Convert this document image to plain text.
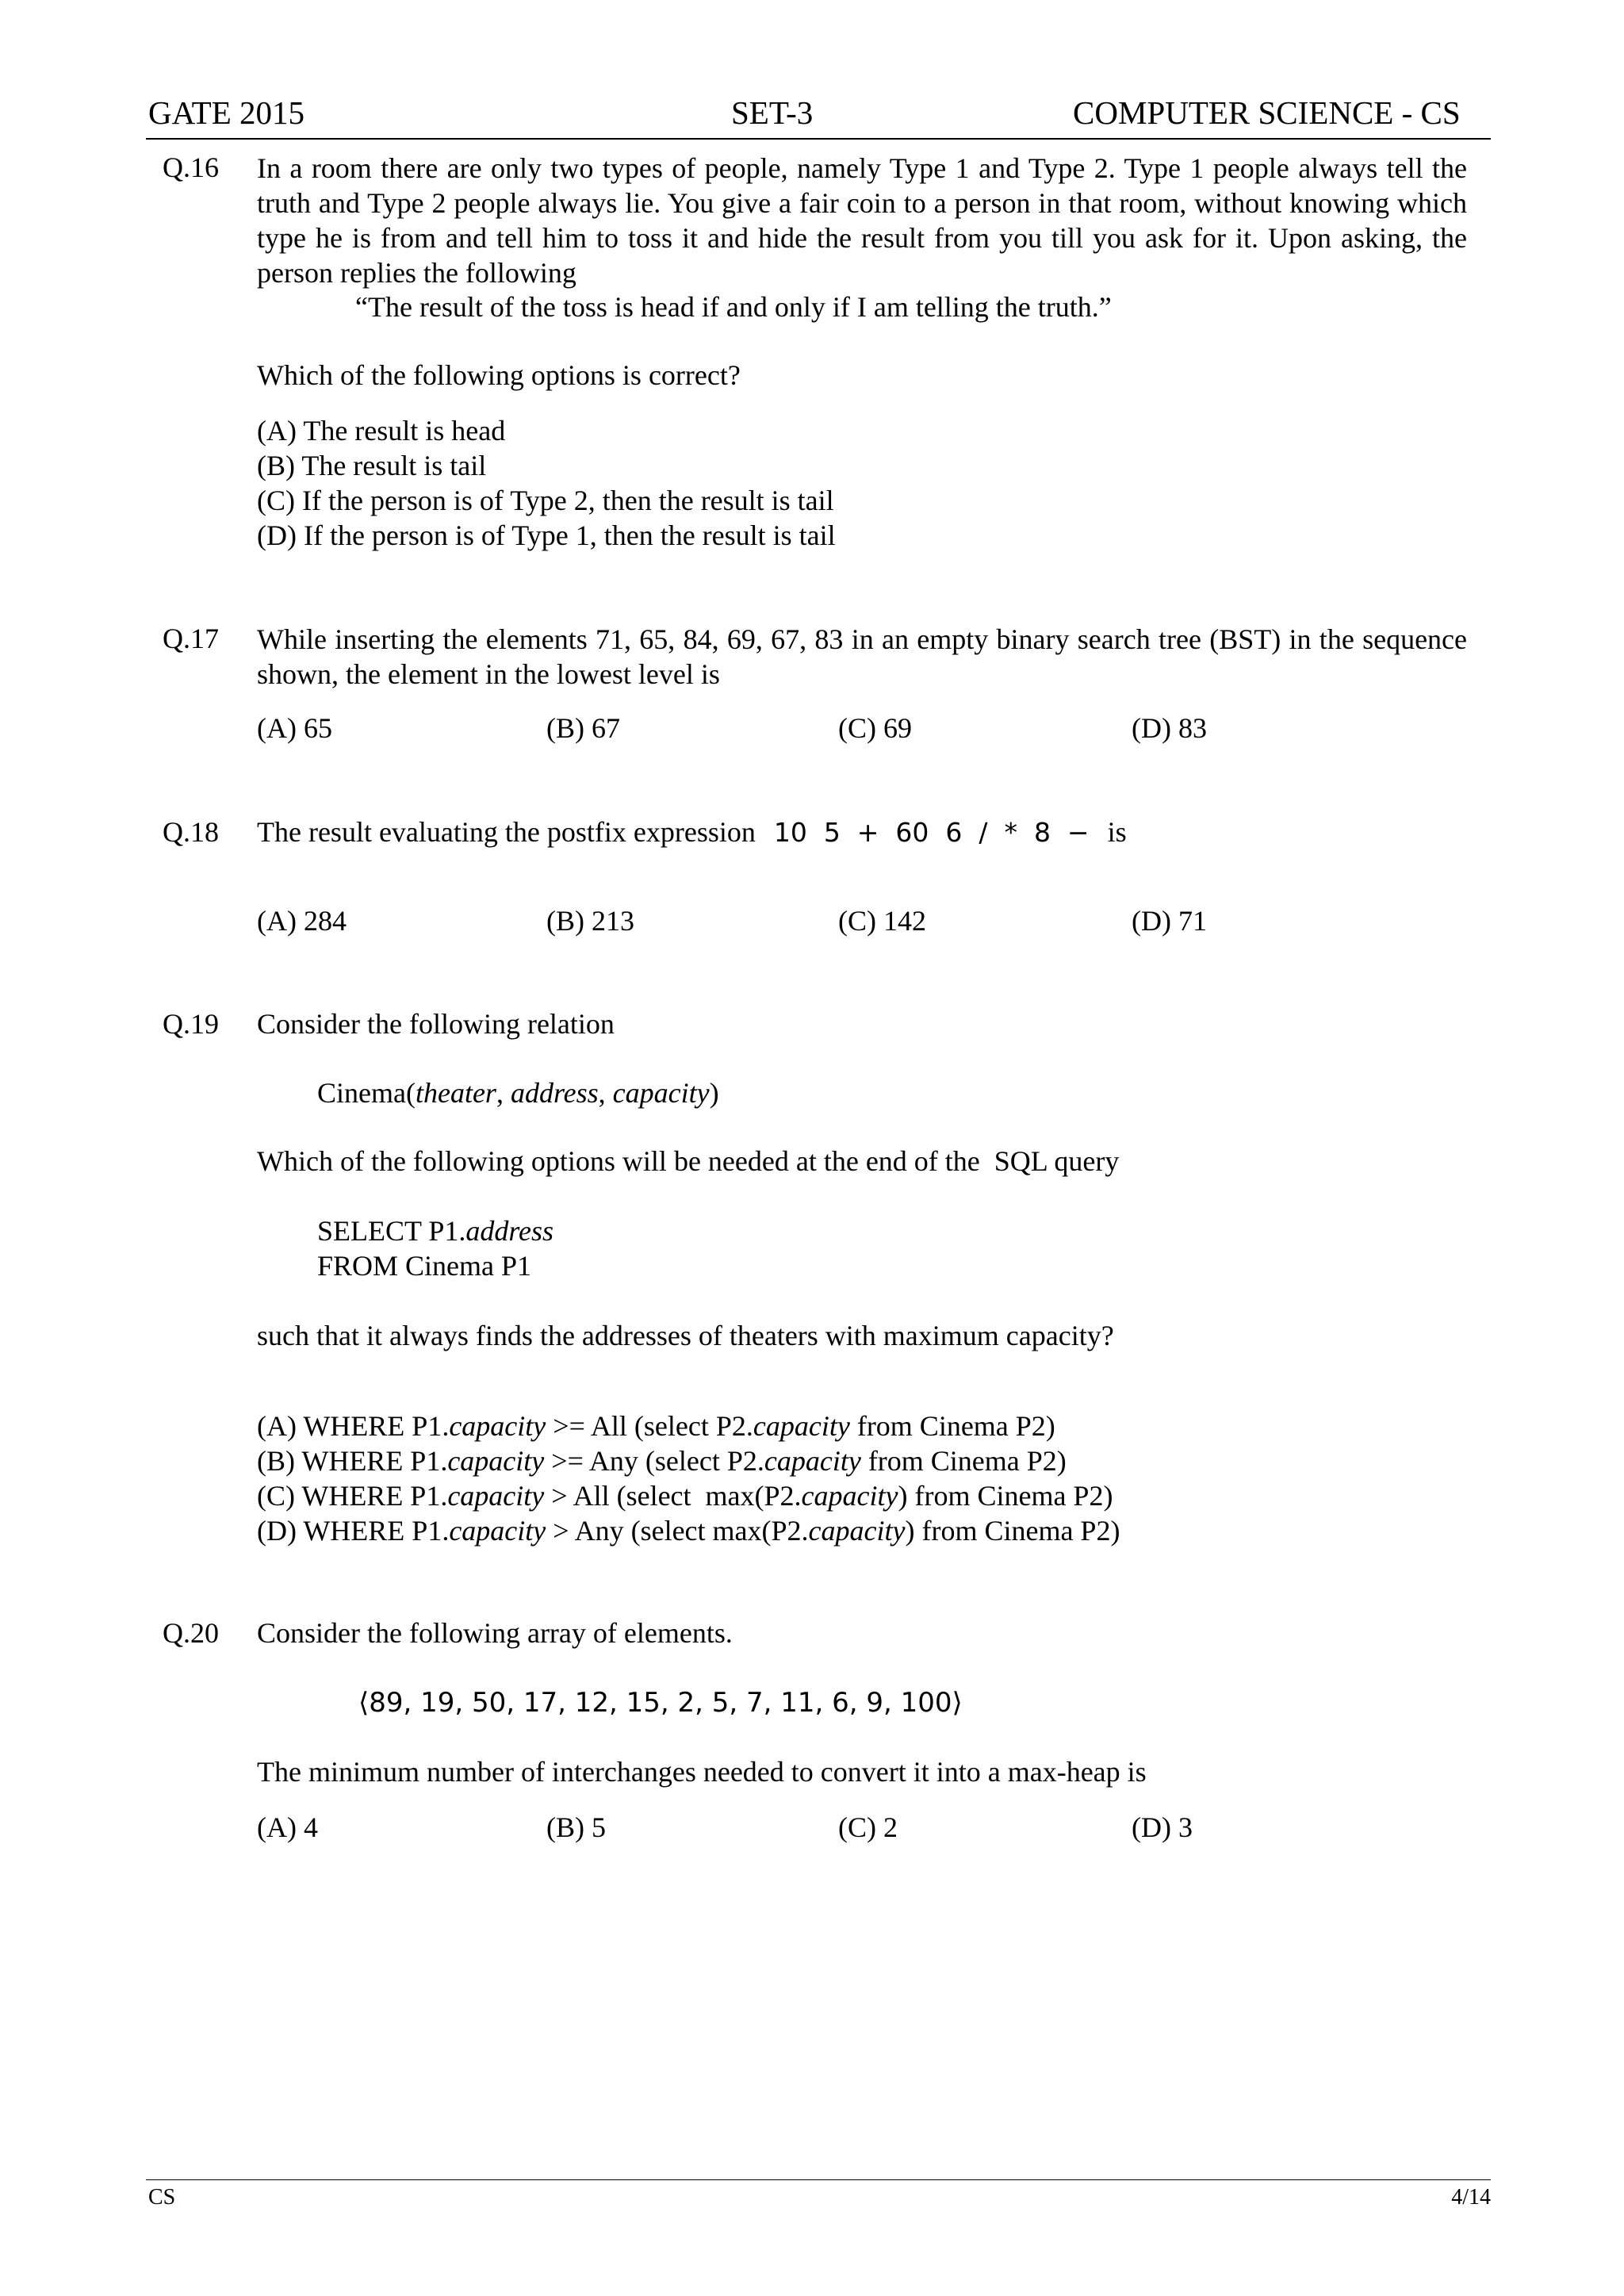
GATE 2015	SET-3	COMPUTER SCIENCE - CS
Q.16 In a room there are only two types of people, namely Type 1 and Type 2. Type 1 people always tell the truth and Type 2 people always lie. You give a fair coin to a person in that room, without knowing which type he is from and tell him to toss it and hide the result from you till you ask for it. Upon asking, the person replies the following
“The result of the toss is head if and only if I am telling the truth.”
Which of the following options is correct?
(A) The result is head
(B) The result is tail
(C) If the person is of Type 2, then the result is tail
(D) If the person is of Type 1, then the result is tail
Q.17 While inserting the elements 71, 65, 84, 69, 67, 83 in an empty binary search tree (BST) in the sequence shown, the element in the lowest level is
(A) 65	(B) 67	(C) 69	(D) 83
Q.18 The result evaluating the postfix expression 10  5  +  60  6  /  *  8  − is
(A) 284	(B) 213	(C) 142	(D) 71
Q.19 Consider the following relation
Cinema(theater, address, capacity)
Which of the following options will be needed at the end of the  SQL query
SELECT P1.address
FROM Cinema P1
such that it always finds the addresses of theaters with maximum capacity?
(A) WHERE P1.capacity >= All (select P2.capacity from Cinema P2)
(B) WHERE P1.capacity >= Any (select P2.capacity from Cinema P2)
(C) WHERE P1.capacity > All (select  max(P2.capacity) from Cinema P2)
(D) WHERE P1.capacity > Any (select max(P2.capacity) from Cinema P2)
Q.20 Consider the following array of elements.
⟨89, 19, 50, 17, 12, 15, 2, 5, 7, 11, 6, 9, 100⟩
The minimum number of interchanges needed to convert it into a max-heap is
(A) 4	(B) 5	(C) 2	(D) 3
CS	4/14
